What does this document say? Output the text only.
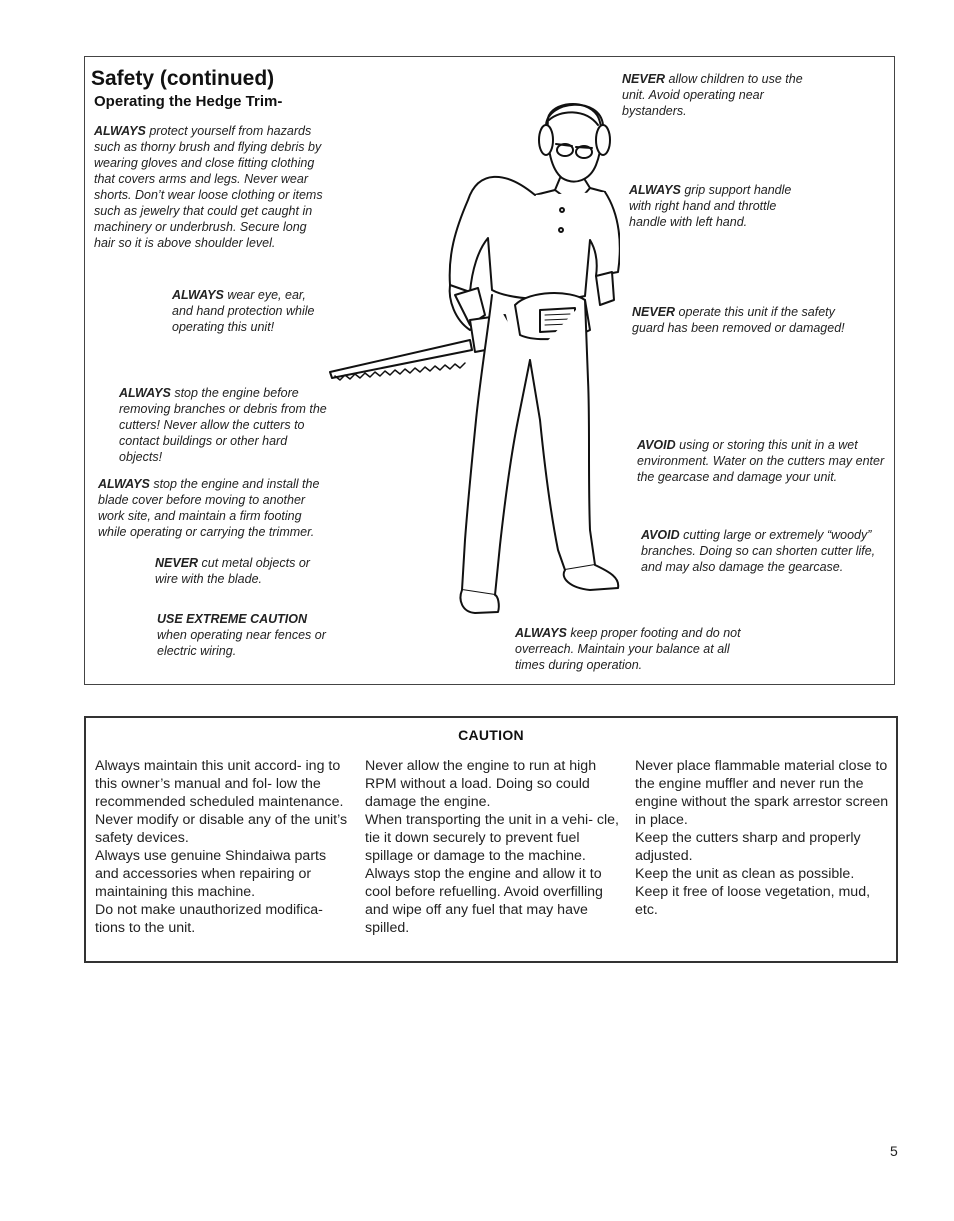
Safety (continued)
Operating the Hedge Trim-
ALWAYS protect yourself from hazards such as thorny brush and flying debris by wearing gloves and close fitting clothing that covers arms and legs. Never wear shorts. Don’t wear loose clothing or items such as jewelry that could get caught in machinery or underbrush. Secure long hair so it is above shoulder level.
ALWAYS wear eye, ear, and hand protection while operating this unit!
ALWAYS stop the engine before removing branches or debris from the cutters! Never allow the cutters to contact buildings or other hard objects!
ALWAYS stop the engine and install the blade cover before moving to another work site, and maintain a firm footing while operating or carrying the trimmer.
NEVER cut metal objects or wire with the blade.
USE EXTREME CAUTION when operating near fences or electric wiring.
NEVER allow children to use the unit. Avoid operating near bystanders.
ALWAYS grip support handle with right hand and throttle handle with left hand.
NEVER operate this unit if the safety guard has been removed or damaged!
AVOID using or storing this unit in a wet environment. Water on the cutters may enter the gearcase and damage your unit.
AVOID cutting large or extremely “woody” branches. Doing so can shorten cutter life, and may also damage the gearcase.
ALWAYS keep proper footing and do not overreach. Maintain your balance at all times during operation.
CAUTION

Always maintain this unit accord- ing to this owner’s manual and fol- low the recommended scheduled maintenance.

Never modify or disable any of the unit’s safety devices.

Always use genuine Shindaiwa parts and accessories when repairing or maintaining this machine.

Do not make unauthorized modifica- tions to the unit.

Never allow the engine to run at high RPM without a load. Doing so could damage the engine.

When transporting the unit in a vehi- cle, tie it down securely to prevent fuel spillage or damage to the machine.

Always stop the engine and allow it to cool before refuelling. Avoid overfilling and wipe off any fuel that may have spilled.

Never place flammable material close to the engine muffler and never run the engine without the spark arrestor screen in place.

Keep the cutters sharp and properly adjusted.

Keep the unit as clean as possible. Keep it free of loose vegetation, mud, etc.

5
